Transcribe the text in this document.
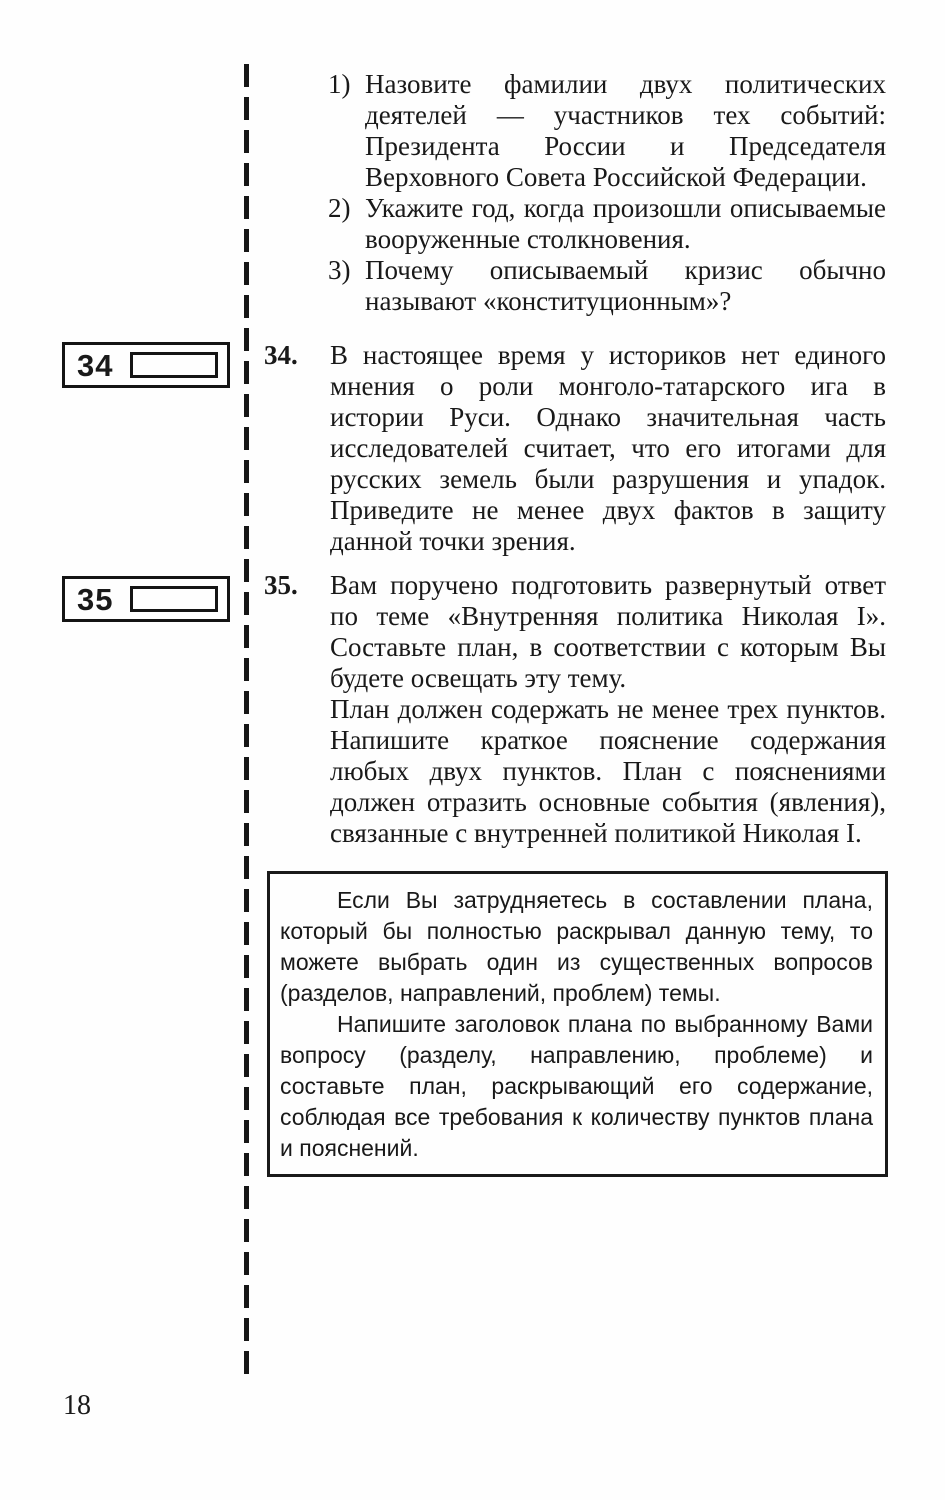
34
35
1) Назовите фамилии двух политических деятелей — участников тех событий: Президента России и Председателя Верховного Совета Российской Федерации.
2) Укажите год, когда произошли описываемые вооруженные столкновения.
3) Почему описываемый кризис обычно называют «конституционным»?
34. В настоящее время у историков нет единого мнения о роли монголо-татарского ига в истории Руси. Однако значительная часть исследователей считает, что его итогами для русских земель были разрушения и упадок. Приведите не менее двух фактов в защиту данной точки зрения.

35. Вам поручено подготовить развернутый ответ по теме «Внутренняя политика Николая I». Составьте план, в соответствии с которым Вы будете освещать эту тему.

План должен содержать не менее трех пунктов. Напишите краткое пояснение содержания любых двух пунктов. План с пояснениями должен отразить основные события (явления), связанные с внутренней политикой Николая I.

Если Вы затрудняетесь в составлении плана, который бы полностью раскрывал данную тему, то можете выбрать один из существенных вопросов (разделов, направлений, проблем) темы.

Напишите заголовок плана по выбранному Вами вопросу (разделу, направлению, проблеме) и составьте план, раскрывающий его содержание, соблюдая все требования к количеству пунктов плана и пояснений.

18
